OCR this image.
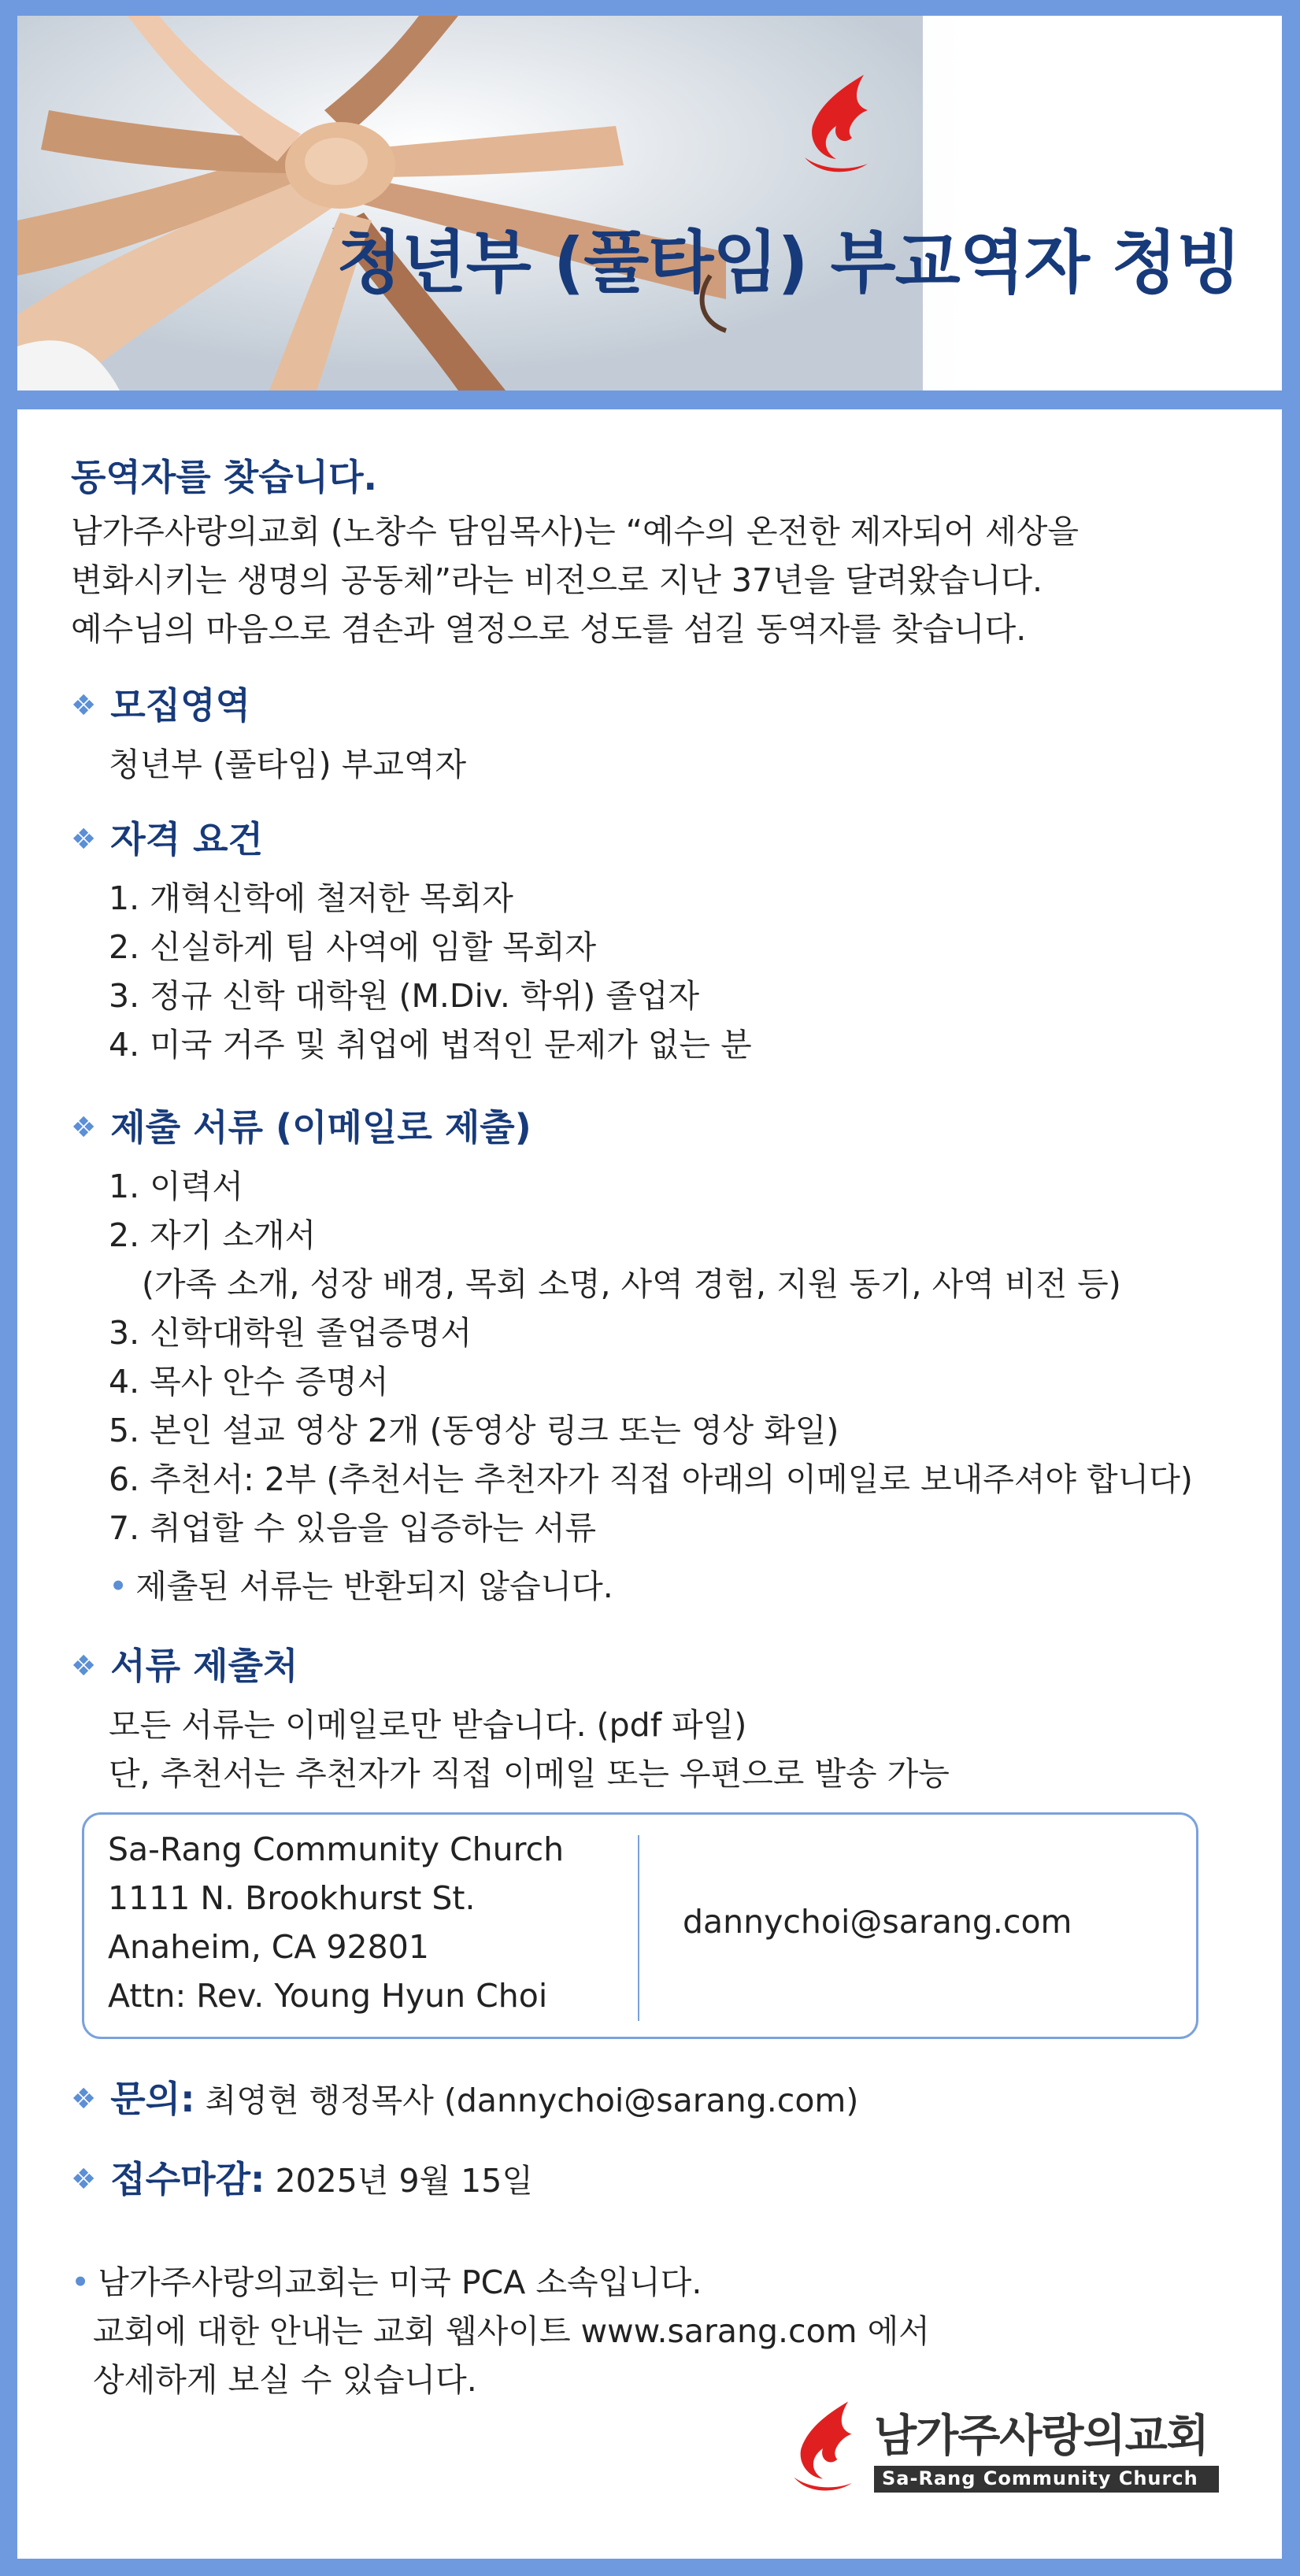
청년부 (풀타임) 부교역자 청빙
동역자를 찾습니다.
남가주사랑의교회 (노창수 담임목사)는 “예수의 온전한 제자되어 세상을
변화시키는 생명의 공동체”라는 비전으로 지난 37년을 달려왔습니다.
예수님의 마음으로 겸손과 열정으로 성도를 섬길 동역자를 찾습니다.
❖ 모집영역
청년부 (풀타임) 부교역자
❖ 자격 요건
1. 개혁신학에 철저한 목회자
2. 신실하게 팀 사역에 임할 목회자
3. 정규 신학 대학원 (M.Div. 학위) 졸업자
4. 미국 거주 및 취업에 법적인 문제가 없는 분
❖ 제출 서류 (이메일로 제출)
1. 이력서
2. 자기 소개서
(가족 소개, 성장 배경, 목회 소명, 사역 경험, 지원 동기, 사역 비전 등)
3. 신학대학원 졸업증명서
4. 목사 안수 증명서
5. 본인 설교 영상 2개 (동영상 링크 또는 영상 화일)
6. 추천서: 2부 (추천서는 추천자가 직접 아래의 이메일로 보내주셔야 합니다)
7. 취업할 수 있음을 입증하는 서류
• 제출된 서류는 반환되지 않습니다.
❖ 서류 제출처
모든 서류는 이메일로만 받습니다. (pdf 파일)
단, 추천서는 추천자가 직접 이메일 또는 우편으로 발송 가능
Sa-Rang Community Church
1111 N. Brookhurst St.
Anaheim, CA 92801
Attn: Rev. Young Hyun Choi
dannychoi@sarang.com
❖ 문의: 최영현 행정목사 (dannychoi@sarang.com)
❖ 접수마감: 2025년 9월 15일
• 남가주사랑의교회는 미국 PCA 소속입니다.
교회에 대한 안내는 교회 웹사이트 www.sarang.com 에서
상세하게 보실 수 있습니다.
남가주사랑의교회
Sa-Rang Community Church
